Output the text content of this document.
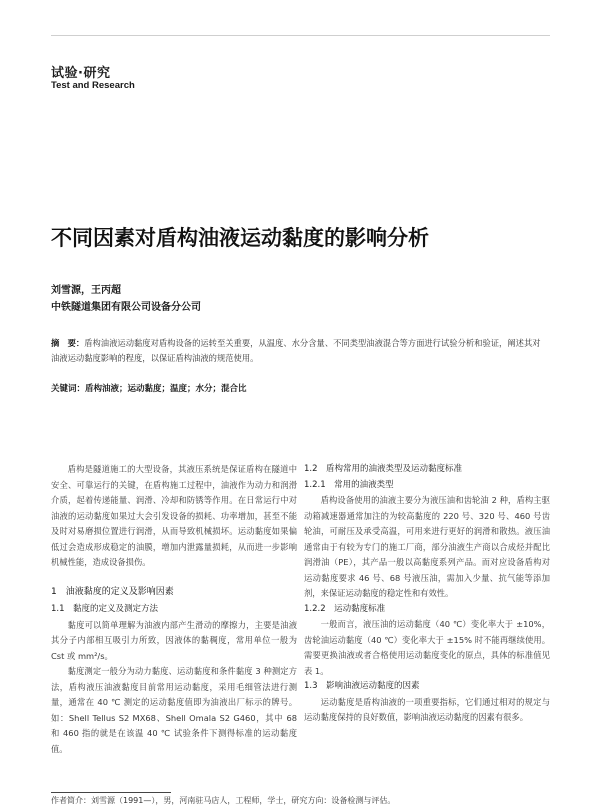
试验·研究
Test and Research
不同因素对盾构油液运动黏度的影响分析
刘雪源，王丙超
中铁隧道集团有限公司设备分公司
摘　要：盾构油液运动黏度对盾构设备的运转至关重要，从温度、水分含量、不同类型油液混合等方面进行试验分析和验证，阐述其对油液运动黏度影响的程度，以保证盾构油液的规范使用。
关键词：盾构油液；运动黏度；温度；水分；混合比

盾构是隧道施工的大型设备，其液压系统是保证盾构在隧道中安全、可靠运行的关键，在盾构施工过程中，油液作为动力和润滑介质，起着传递能量、润滑、冷却和防锈等作用。在日常运行中对油液的运动黏度如果过大会引发设备的损耗、功率增加，甚至不能及时对易磨损位置进行润滑，从而导致机械损坏。运动黏度如果偏低过会造成形成稳定的油膜，增加内泄露量损耗，从而进一步影响机械性能，造成设备损伤。

1　油液黏度的定义及影响因素
1.1　黏度的定义及测定方法

黏度可以简单理解为油液内部产生滑动的摩擦力，主要是油液其分子内部相互吸引力所致，因液体的黏稠度，常用单位一般为 Cst 或 mm²/s。

黏度测定一般分为动力黏度、运动黏度和条件黏度 3 种测定方法，盾构液压油液黏度目前常用运动黏度，采用毛细管法进行测量，通常在 40 ℃ 测定的运动黏度值即为油液出厂标示的牌号。如：Shell Tellus S2 MX68、Shell Omala S2 G460，其中 68 和 460 指的就是在该温 40 ℃ 试验条件下测得标准的运动黏度值。

1.2　盾构常用的油液类型及运动黏度标准
1.2.1　常用的油液类型

盾构设备使用的油液主要分为液压油和齿轮油 2 种，盾构主驱动箱减速器通常加注的为较高黏度的 220 号、320 号、460 号齿轮油，可耐压及承受高温，可用来进行更好的润滑和散热。液压油通常由于有较为专门的施工厂商，部分油液生产商以合成烃并配比润滑油（PE），其产品一般以高黏度系列产品。而对应设备盾构对运动黏度要求 46 号、68 号液压油，需加入少量、抗气能等添加剂，来保证运动黏度的稳定性和有效性。

1.2.2　运动黏度标准

一般而言，液压油的运动黏度（40 ℃）变化率大于 ±10%，齿轮油运动黏度（40 ℃）变化率大于 ±15% 时不能再继续使用。需要更换油液或者合格使用运动黏度变化的原点，具体的标准值见表 1。

1.3　影响油液运动黏度的因素

运动黏度是盾构油液的一项重要指标，它们通过相对的规定与运动黏度保持的良好数值，影响油液运动黏度的因素有很多。

作者简介：刘雪源（1991—），男，河南驻马店人，工程师，学士，研究方向：设备检测与评估。
